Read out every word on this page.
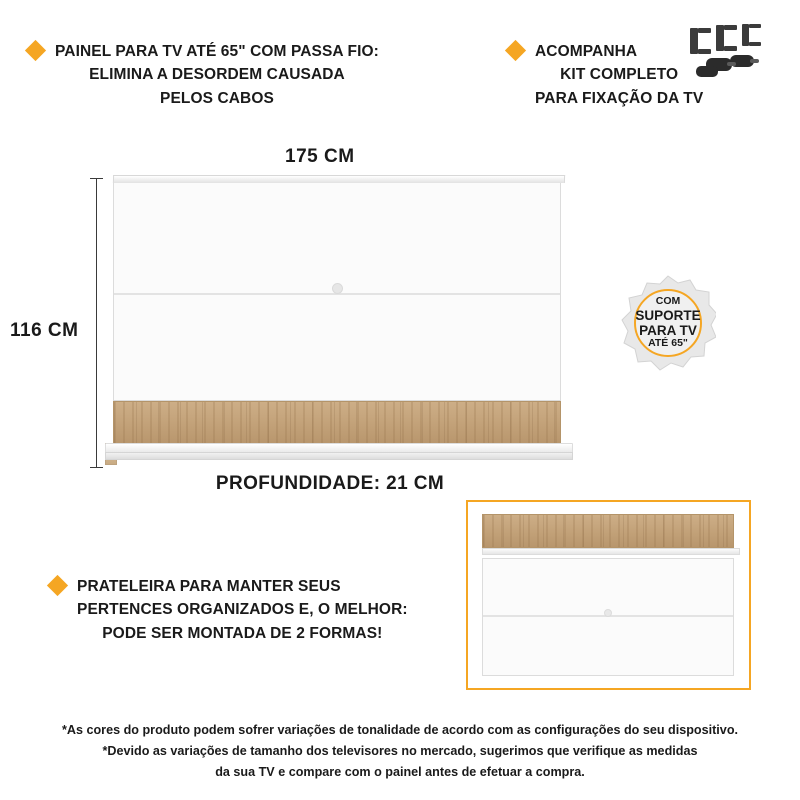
PAINEL PARA TV ATÉ 65" COM PASSA FIO:
ELIMINA A DESORDEM CAUSADA
PELOS CABOS
ACOMPANHA
KIT COMPLETO
PARA FIXAÇÃO DA TV
175 CM
116 CM
PROFUNDIDADE: 21 CM
COM
SUPORTE
PARA TV
ATÉ 65"
PRATELEIRA PARA MANTER SEUS
PERTENCES ORGANIZADOS E, O MELHOR:
PODE SER MONTADA DE 2 FORMAS!
*As cores do produto podem sofrer variações de tonalidade de acordo com as configurações do seu dispositivo.
*Devido as variações de tamanho dos televisores no mercado, sugerimos que verifique as medidas
da sua TV e compare com o painel antes de efetuar a compra.
